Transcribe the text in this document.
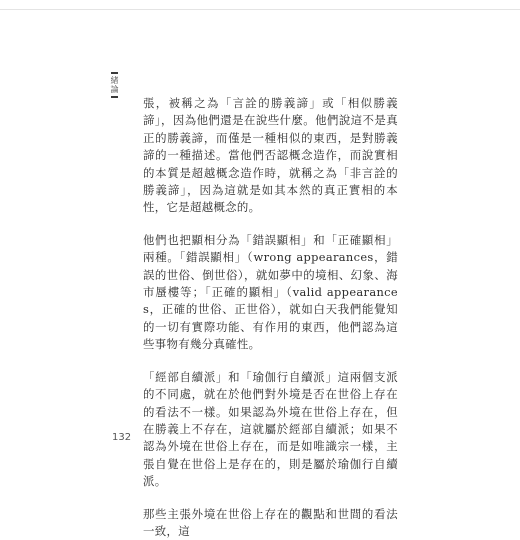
緒論

張，被稱之為「言詮的勝義諦」或「相似勝義諦」，因為他們還是在說些什麼。他們說這不是真正的勝義諦，而僅是一種相似的東西，是對勝義諦的一種描述。當他們否認概念造作，而說實相的本質是超越概念造作時，就稱之為「非言詮的勝義諦」，因為這就是如其本然的真正實相的本性，它是超越概念的。

他們也把顯相分為「錯誤顯相」和「正確顯相」兩種。「錯誤顯相」（wrong appearances，錯誤的世俗、倒世俗），就如夢中的境相、幻象、海市蜃樓等；「正確的顯相」（valid appearances，正確的世俗、正世俗），就如白天我們能覺知的一切有實際功能、有作用的東西，他們認為這些事物有幾分真確性。

「經部自續派」和「瑜伽行自續派」這兩個支派的不同處，就在於他們對外境是否在世俗上存在的看法不一樣。如果認為外境在世俗上存在，但在勝義上不存在，這就屬於經部自續派；如果不認為外境在世俗上存在，而是如唯識宗一樣，主張自覺在世俗上是存在的，則是屬於瑜伽行自續派。

那些主張外境在世俗上存在的觀點和世間的看法一致，這

132
